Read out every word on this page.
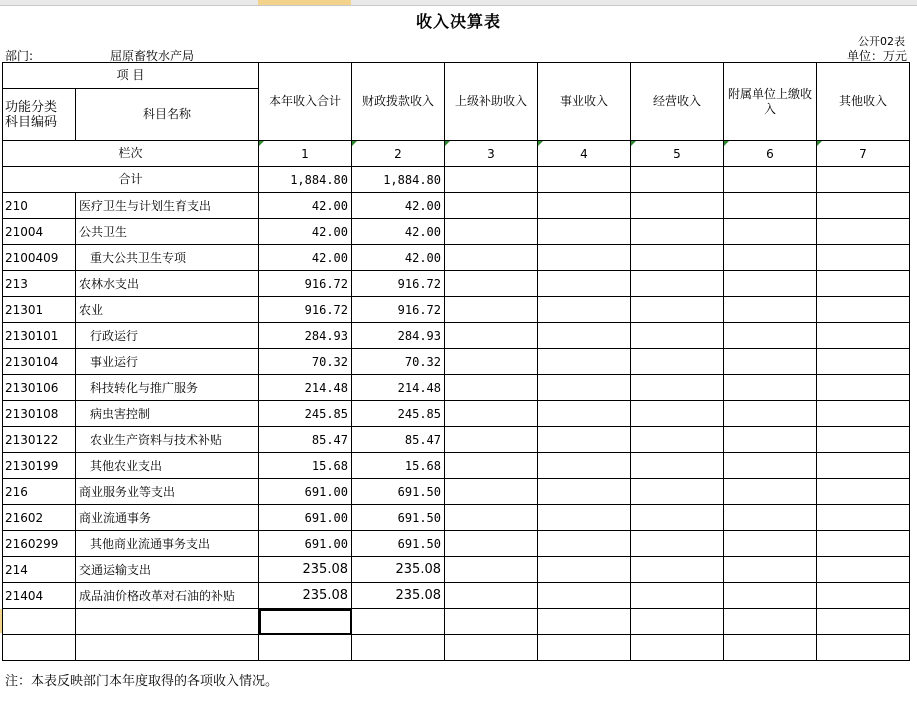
收入决算表
公开02表
单位：万元
部门:	屈原畜牧水产局
项 目		本年收入合计	财政拨款收入	上级补助收入	事业收入	经营收入	附属单位上缴收入	其他收入
功能分类 科目编码	科目名称							
栏次		1	2	3	4	5	6	7
合计		1,884.80	1,884.80					
210	医疗卫生与计划生育支出	42.00	42.00					
21004	公共卫生	42.00	42.00					
2100409	重大公共卫生专项	42.00	42.00					
213	农林水支出	916.72	916.72					
21301	农业	916.72	916.72					
2130101	行政运行	284.93	284.93					
2130104	事业运行	70.32	70.32					
2130106	科技转化与推广服务	214.48	214.48					
2130108	病虫害控制	245.85	245.85					
2130122	农业生产资料与技术补贴	85.47	85.47					
2130199	其他农业支出	15.68	15.68					
216	商业服务业等支出	691.00	691.50					
21602	商业流通事务	691.00	691.50					
2160299	其他商业流通事务支出	691.00	691.50					
214	交通运输支出	235.08	235.08					
21404	成品油价格改革对石油的补贴	235.08	235.08					

注：本表反映部门本年度取得的各项收入情况。
